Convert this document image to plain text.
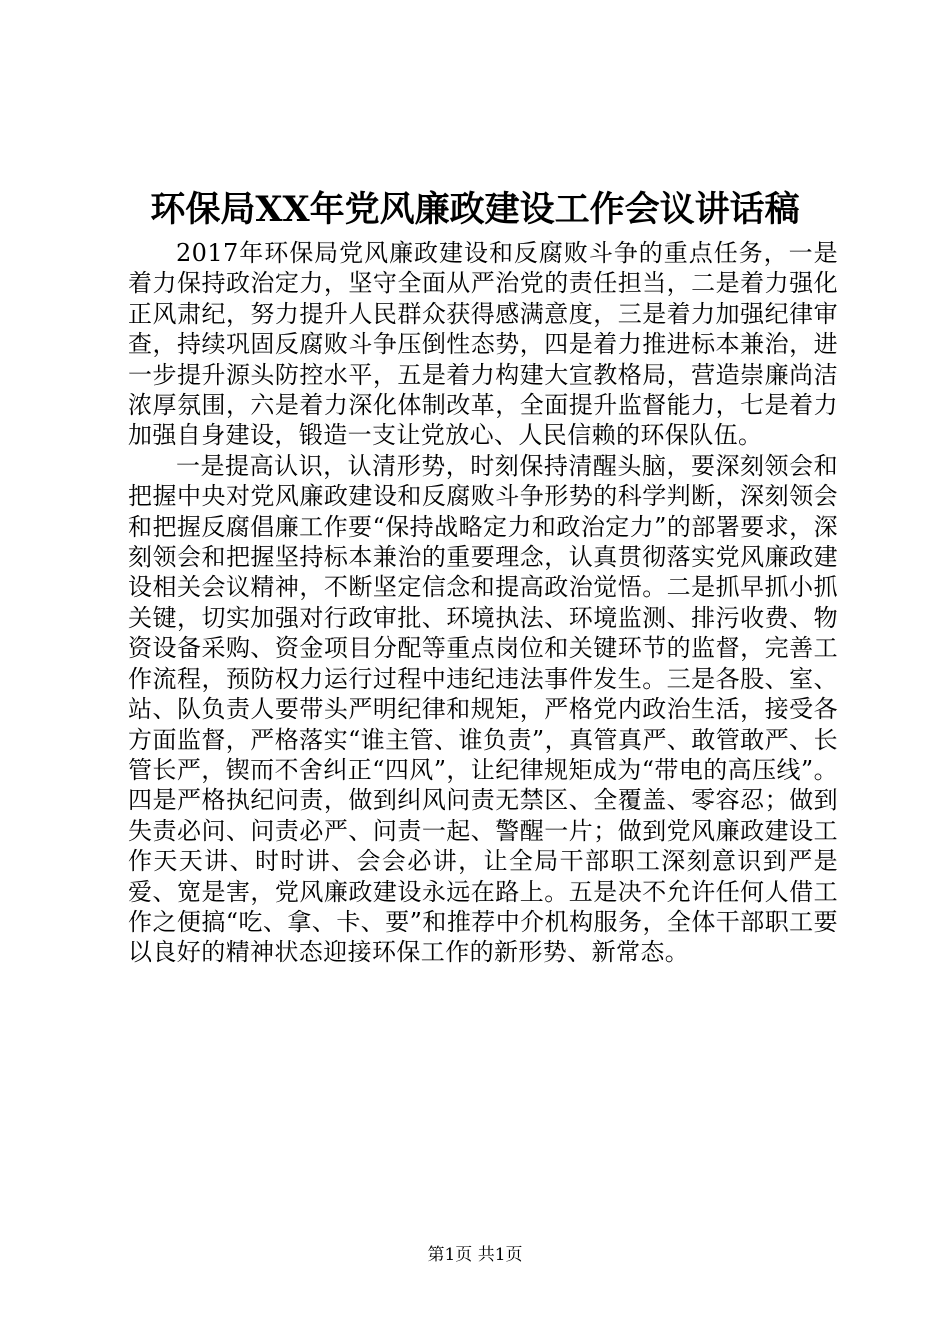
环保局XX年党风廉政建设工作会议讲话稿

2017年环保局党风廉政建设和反腐败斗争的重点任务，一是着力保持政治定力，坚守全面从严治党的责任担当，二是着力强化正风肃纪，努力提升人民群众获得感满意度，三是着力加强纪律审查，持续巩固反腐败斗争压倒性态势，四是着力推进标本兼治，进一步提升源头防控水平，五是着力构建大宣教格局，营造崇廉尚洁浓厚氛围，六是着力深化体制改革，全面提升监督能力，七是着力加强自身建设，锻造一支让党放心、人民信赖的环保队伍。

一是提高认识，认清形势，时刻保持清醒头脑，要深刻领会和把握中央对党风廉政建设和反腐败斗争形势的科学判断，深刻领会和把握反腐倡廉工作要“保持战略定力和政治定力”的部署要求，深刻领会和把握坚持标本兼治的重要理念，认真贯彻落实党风廉政建设相关会议精神，不断坚定信念和提高政治觉悟。二是抓早抓小抓关键，切实加强对行政审批、环境执法、环境监测、排污收费、物资设备采购、资金项目分配等重点岗位和关键环节的监督，完善工作流程，预防权力运行过程中违纪违法事件发生。三是各股、室、站、队负责人要带头严明纪律和规矩，严格党内政治生活，接受各方面监督，严格落实“谁主管、谁负责”，真管真严、敢管敢严、长管长严，锲而不舍纠正“四风”，让纪律规矩成为“带电的高压线”。四是严格执纪问责，做到纠风问责无禁区、全覆盖、零容忍；做到失责必问、问责必严、问责一起、警醒一片；做到党风廉政建设工作天天讲、时时讲、会会必讲，让全局干部职工深刻意识到严是爱、宽是害，党风廉政建设永远在路上。五是决不允许任何人借工作之便搞“吃、拿、卡、要”和推荐中介机构服务，全体干部职工要以良好的精神状态迎接环保工作的新形势、新常态。

第1页 共1页
